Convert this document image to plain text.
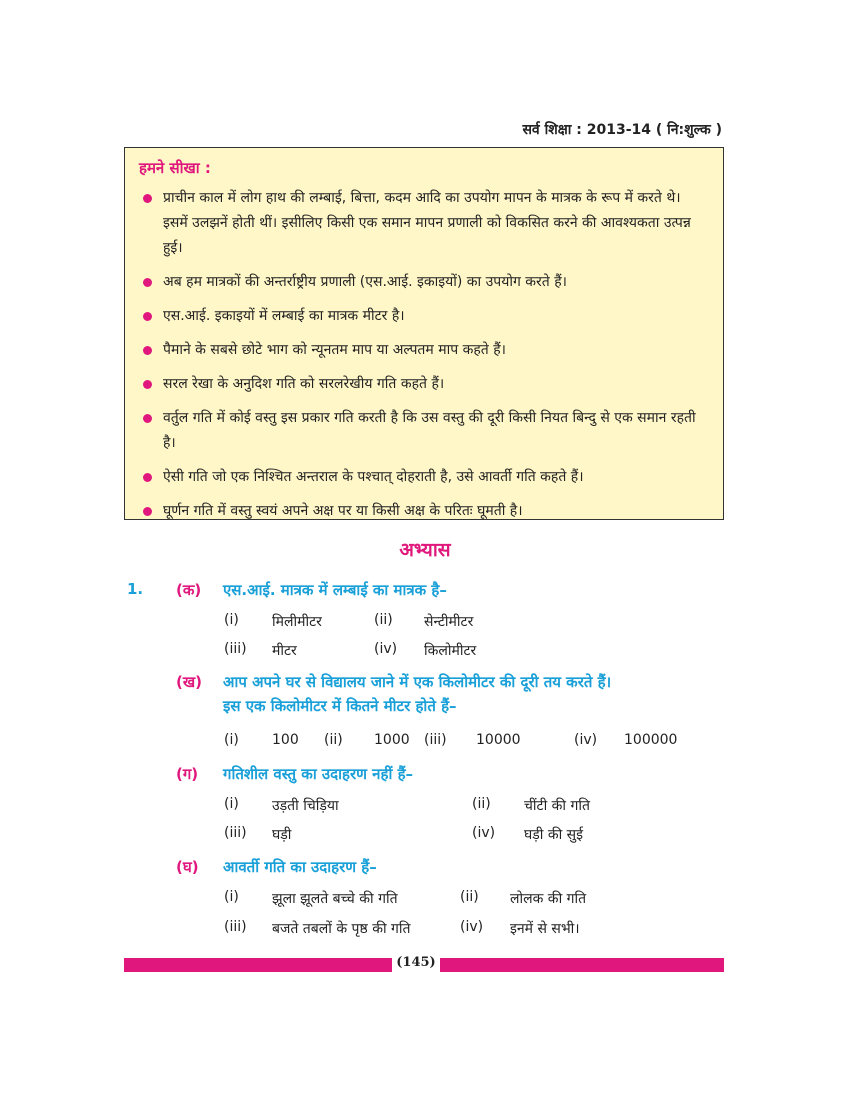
सर्व शिक्षा : 2013-14 ( नि:शुल्क )
हमने सीखा :
प्राचीन काल में लोग हाथ की लम्बाई, बित्ता, कदम आदि का उपयोग मापन के मात्रक के रूप में करते थे। इसमें उलझनें होती थीं। इसीलिए किसी एक समान मापन प्रणाली को विकसित करने की आवश्यकता उत्पन्न हुई।
अब हम मात्रकों की अन्तर्राष्ट्रीय प्रणाली (एस.आई. इकाइयों) का उपयोग करते हैं।
एस.आई. इकाइयों में लम्बाई का मात्रक मीटर है।
पैमाने के सबसे छोटे भाग को न्यूनतम माप या अल्पतम माप कहते हैं।
सरल रेखा के अनुदिश गति को सरलरेखीय गति कहते हैं।
वर्तुल गति में कोई वस्तु इस प्रकार गति करती है कि उस वस्तु की दूरी किसी नियत बिन्दु से एक समान रहती है।
ऐसी गति जो एक निश्चित अन्तराल के पश्चात् दोहराती है, उसे आवर्ती गति कहते हैं।
घूर्णन गति में वस्तु स्वयं अपने अक्ष पर या किसी अक्ष के परितः घूमती है।
अभ्यास
1. (क) एस.आई. मात्रक में लम्बाई का मात्रक है–
(i) मिलीमीटर	(ii) सेन्टीमीटर
(iii) मीटर	(iv) किलोमीटर
(ख) आप अपने घर से विद्यालय जाने में एक किलोमीटर की दूरी तय करते हैं।
इस एक किलोमीटर में कितने मीटर होते हैं–
(i) 100 (ii) 1000 (iii) 10000	(iv) 100000
(ग) गतिशील वस्तु का उदाहरण नहीं हैं–
(i) उड़ती चिड़िया	(ii) चींटी की गति
(iii) घड़ी	(iv) घड़ी की सुई
(घ) आवर्ती गति का उदाहरण हैं–
(i) झूला झूलते बच्चे की गति	(ii) लोलक की गति
(iii) बजते तबलों के पृष्ठ की गति	(iv) इनमें से सभी।
(145)
